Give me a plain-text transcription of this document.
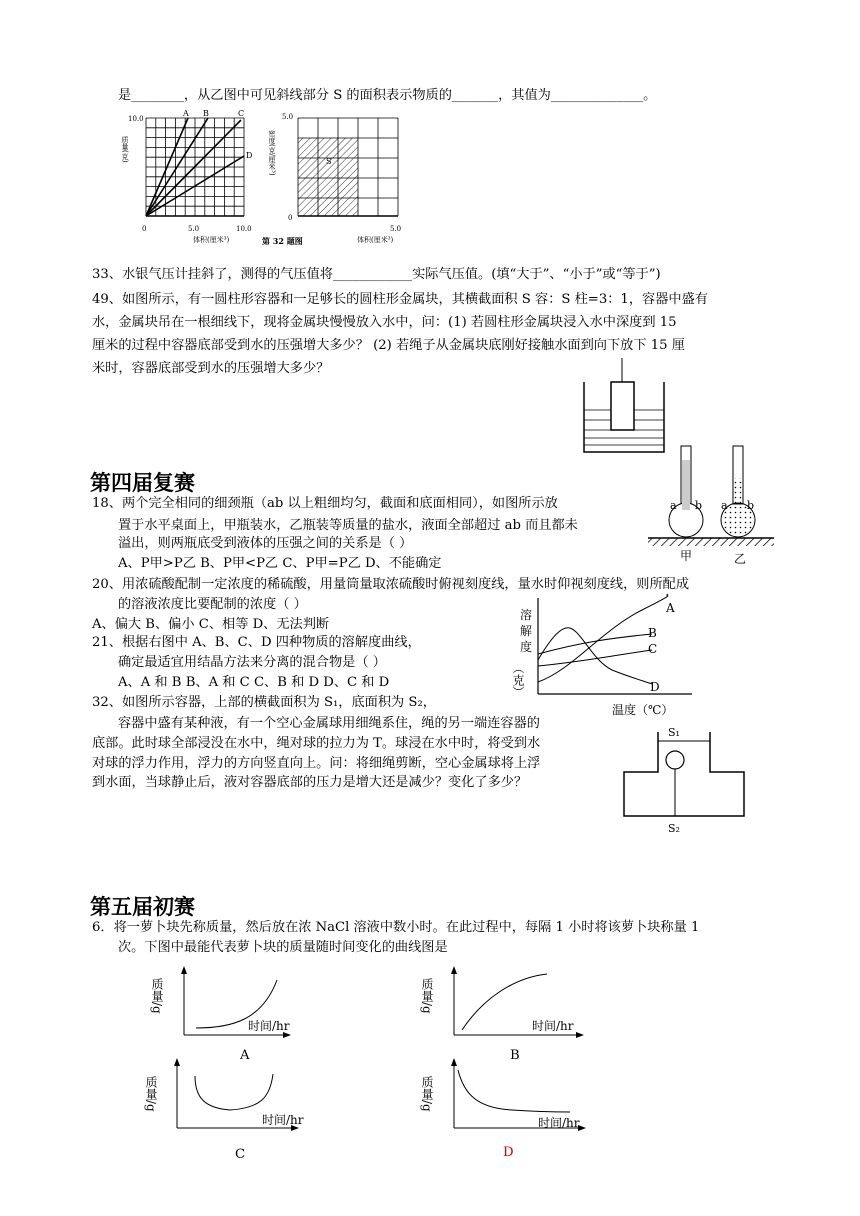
是________，从乙图中可见斜线部分 S 的面积表示物质的_______，其值为______________。
10.0
质量(克)
A B	C
D
0	5.0	10.0
体积(厘米³)	第 32 题图
5.0
0
密度(克/厘米³)	S
5.0
体积(厘米³)
33、水银气压计挂斜了，测得的气压值将____________实际气压值。(填“大于”、“小于”或“等于”)
49、如图所示，有一圆柱形容器和一足够长的圆柱形金属块，其横截面积 S 容：S 柱=3：1，容器中盛有
水，金属块吊在一根细线下，现将金属块慢慢放入水中，问：(1) 若圆柱形金属块浸入水中深度到 15
厘米的过程中容器底部受到水的压强增大多少？ (2) 若绳子从金属块底刚好接触水面到向下放下 15 厘
米时，容器底部受到水的压强增大多少？
第四届复赛
18、两个完全相同的细颈瓶（ab 以上粗细均匀，截面和底面相同），如图所示放
置于水平桌面上，甲瓶装水，乙瓶装等质量的盐水，液面全部超过 ab 而且都未
溢出，则两瓶底受到液体的压强之间的关系是（ ）
A、P甲>P乙 B、P甲<P乙 C、P甲=P乙 D、不能确定
a b a b
甲	乙
20、用浓硫酸配制一定浓度的稀硫酸，用量筒量取浓硫酸时俯视刻度线，量水时仰视刻度线，则所配成
的溶液浓度比要配制的浓度（ ）
A、偏大 B、偏小 C、相等 D、无法判断
21、根据右图中 A、B、C、D 四种物质的溶解度曲线，
确定最适宜用结晶方法来分离的混合物是（ ）
A、A 和 B B、A 和 C C、B 和 D D、C 和 D
A
B
C
D
溶
解
度
（克）
温度（℃）
32、如图所示容器，上部的横截面积为 S₁，底面积为 S₂，
容器中盛有某种液，有一个空心金属球用细绳系住，绳的另一端连容器的
底部。此时球全部浸没在水中，绳对球的拉力为 T。球浸在水中时，将受到水
对球的浮力作用，浮力的方向竖直向上。问：将细绳剪断，空心金属球将上浮
到水面，当球静止后，液对容器底部的压力是增大还是减少？变化了多少？
S₁
S₂
第五届初赛
6．将一萝卜块先称质量，然后放在浓 NaCl 溶液中数小时。在此过程中，每隔 1 小时将该萝卜块称量 1
次。下图中最能代表萝卜块的质量随时间变化的曲线图是
质量/g
时间/hr
A
质量/g
时间/hr
B
质量/g
时间/hr
C
质量/g
时间/hr
D
